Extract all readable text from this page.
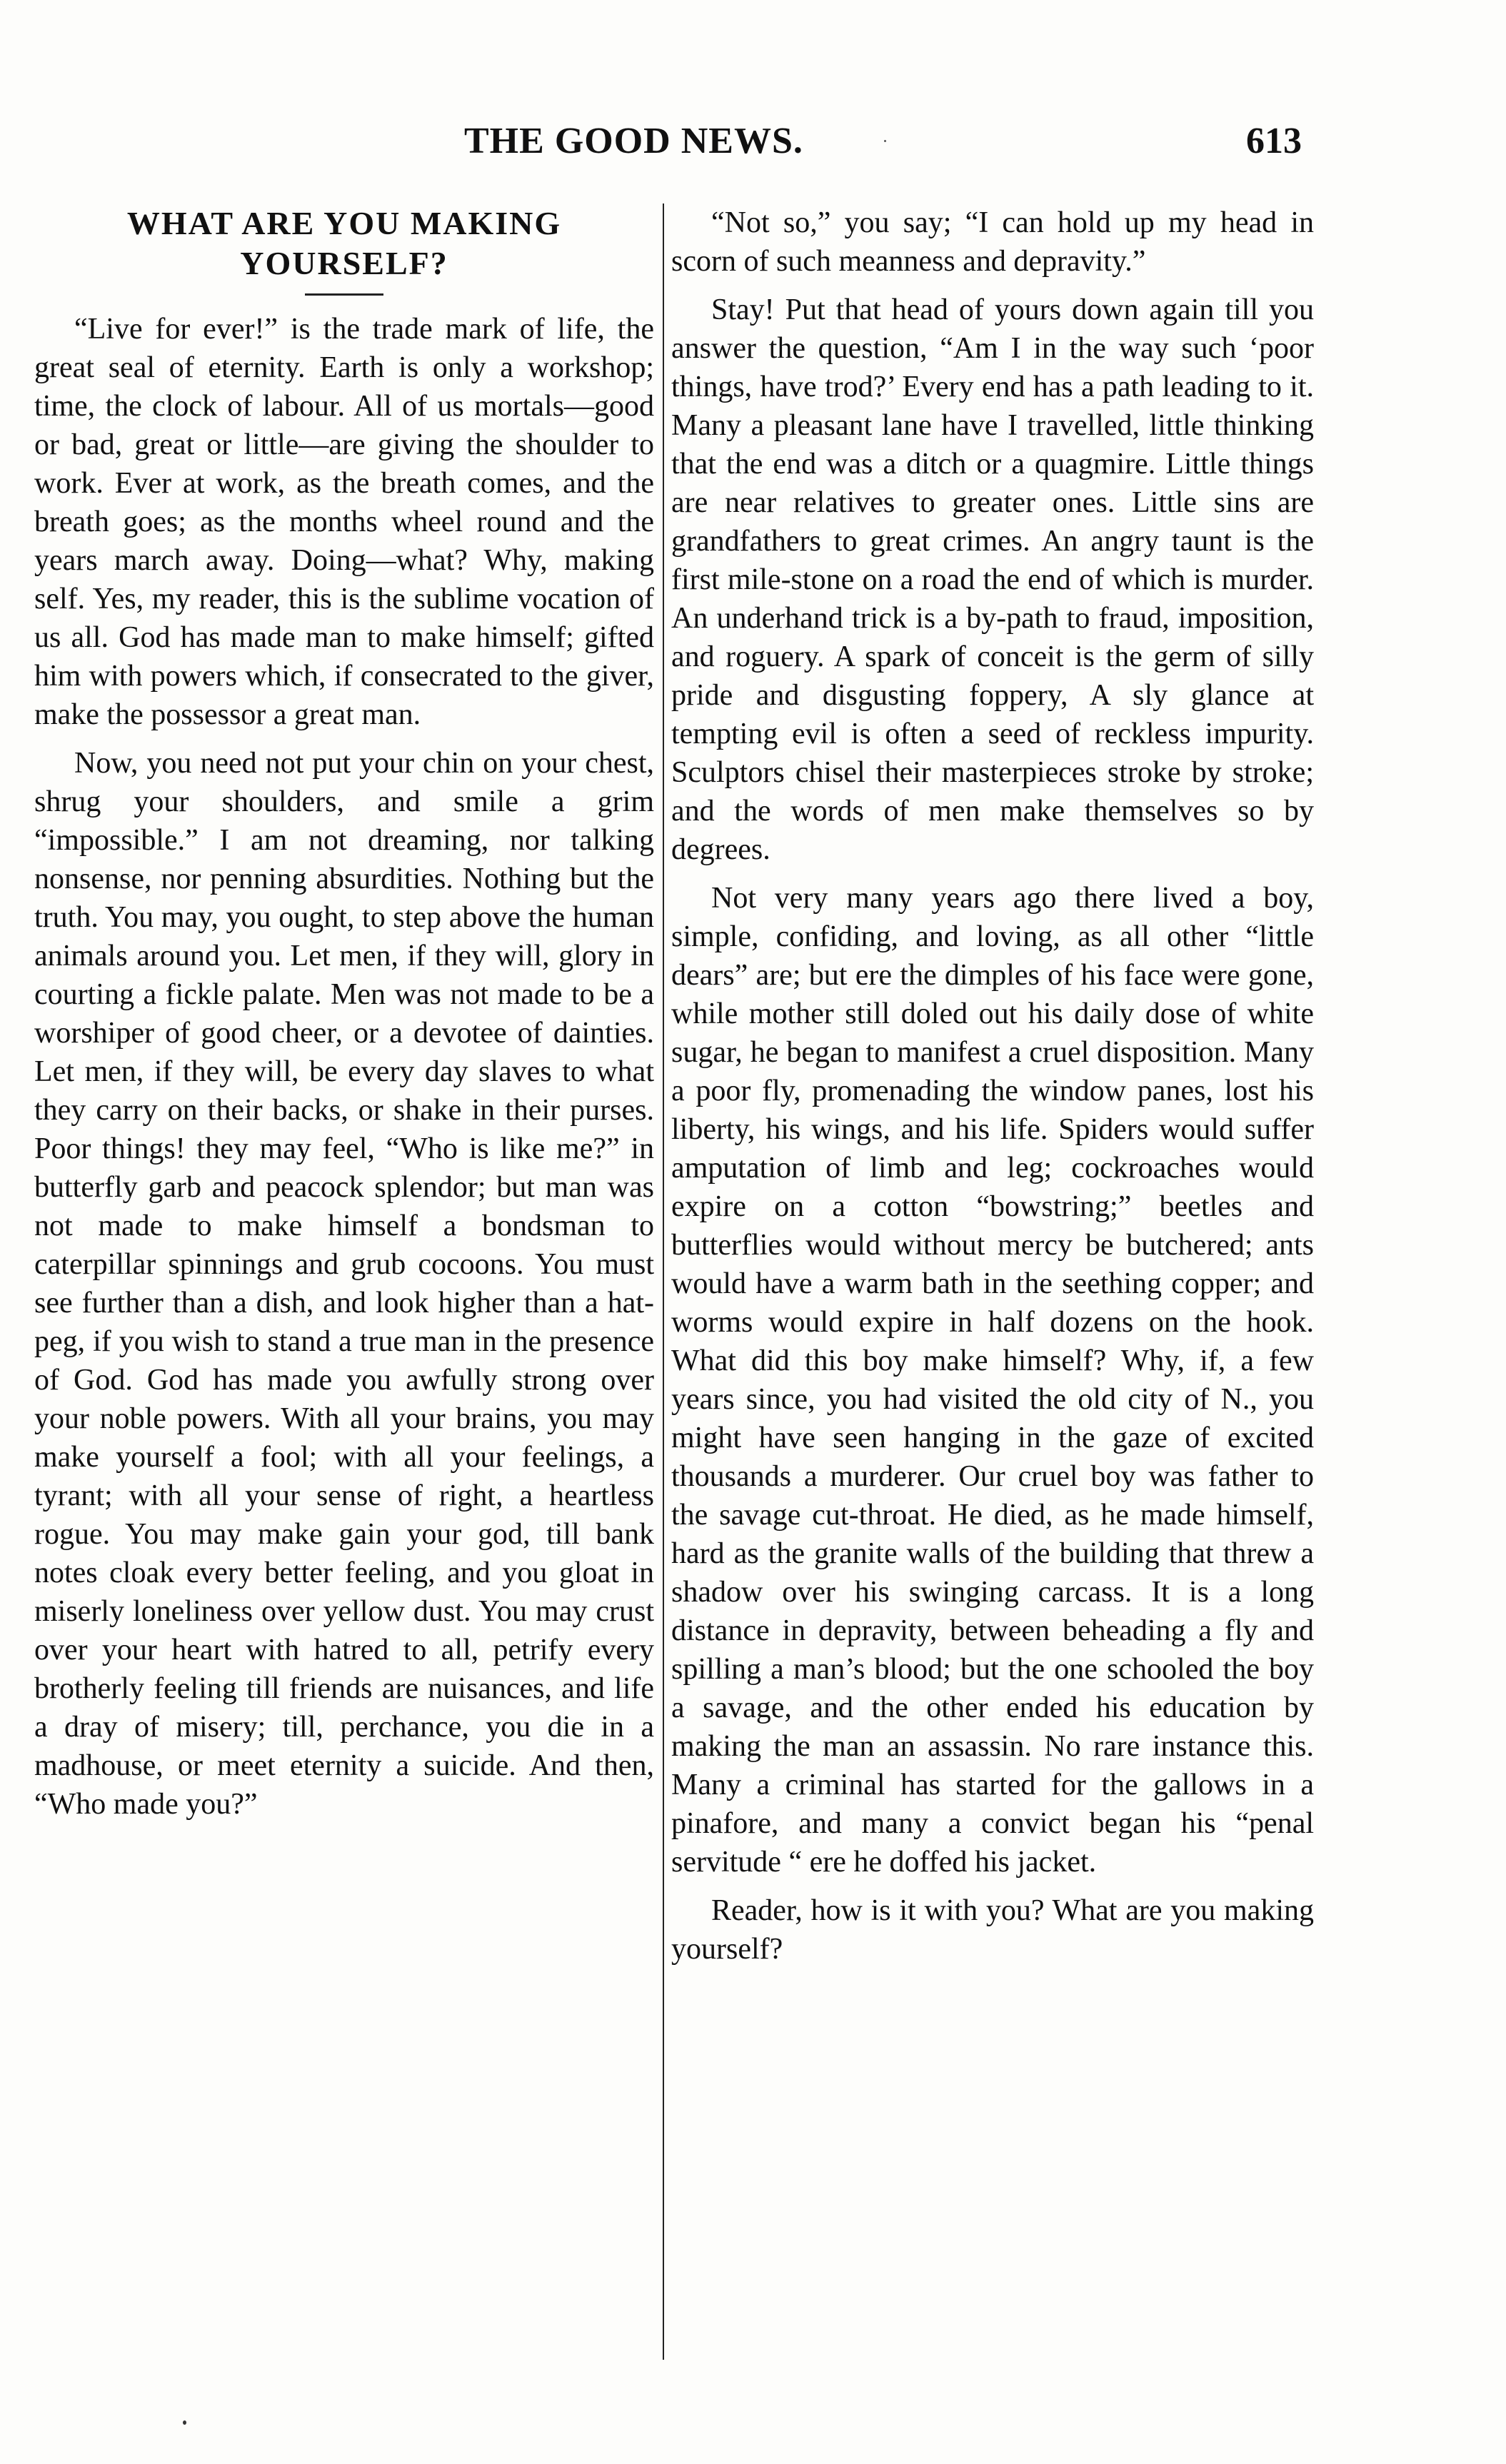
THE GOOD NEWS.	613
WHAT ARE YOU MAKING
YOURSELF?

“Live for ever!” is the trade mark of life, the great seal of eternity. Earth is only a workshop; time, the clock of labour. All of us mortals—good or bad, great or little—are giving the shoulder to work. Ever at work, as the breath comes, and the breath goes; as the months wheel round and the years march away. Doing—what? Why, making self. Yes, my reader, this is the sublime vocation of us all. God has made man to make himself; gifted him with powers which, if consecrated to the giver, make the possessor a great man.

Now, you need not put your chin on your chest, shrug your shoulders, and smile a grim “impossible.” I am not dreaming, nor talking nonsense, nor penning absurdities. Nothing but the truth. You may, you ought, to step above the human animals around you. Let men, if they will, glory in courting a fickle palate. Men was not made to be a worshiper of good cheer, or a devotee of dainties. Let men, if they will, be every day slaves to what they carry on their backs, or shake in their purses. Poor things! they may feel, “Who is like me?” in butterfly garb and peacock splendor; but man was not made to make himself a bondsman to caterpillar spinnings and grub cocoons. You must see further than a dish, and look higher than a hat-peg, if you wish to stand a true man in the presence of God. God has made you awfully strong over your noble powers. With all your brains, you may make yourself a fool; with all your feelings, a tyrant; with all your sense of right, a heartless rogue. You may make gain your god, till bank notes cloak every better feeling, and you gloat in miserly loneliness over yellow dust. You may crust over your heart with hatred to all, petrify every brotherly feeling till friends are nuisances, and life a dray of misery; till, perchance, you die in a madhouse, or meet eternity a suicide. And then, “Who made you?”

“Not so,” you say; “I can hold up my head in scorn of such meanness and depravity.”

Stay! Put that head of yours down again till you answer the question, “Am I in the way such ‘poor things, have trod?’ Every end has a path leading to it. Many a pleasant lane have I travelled, little thinking that the end was a ditch or a quagmire. Little things are near relatives to greater ones. Little sins are grandfathers to great crimes. An angry taunt is the first mile-stone on a road the end of which is murder. An underhand trick is a by-path to fraud, imposition, and roguery. A spark of conceit is the germ of silly pride and disgusting foppery, A sly glance at tempting evil is often a seed of reckless impurity. Sculptors chisel their masterpieces stroke by stroke; and the words of men make themselves so by degrees.

Not very many years ago there lived a boy, simple, confiding, and loving, as all other “little dears” are; but ere the dimples of his face were gone, while mother still doled out his daily dose of white sugar, he began to manifest a cruel disposition. Many a poor fly, promenading the window panes, lost his liberty, his wings, and his life. Spiders would suffer amputation of limb and leg; cockroaches would expire on a cotton “bowstring;” beetles and butterflies would without mercy be butchered; ants would have a warm bath in the seething copper; and worms would expire in half dozens on the hook. What did this boy make himself? Why, if, a few years since, you had visited the old city of N., you might have seen hanging in the gaze of excited thousands a murderer. Our cruel boy was father to the savage cut-throat. He died, as he made himself, hard as the granite walls of the building that threw a shadow over his swinging carcass. It is a long distance in depravity, between beheading a fly and spilling a man’s blood; but the one schooled the boy a savage, and the other ended his education by making the man an assassin. No rare instance this. Many a criminal has started for the gallows in a pinafore, and many a convict began his “penal servitude “ ere he doffed his jacket.

Reader, how is it with you? What are you making yourself?
